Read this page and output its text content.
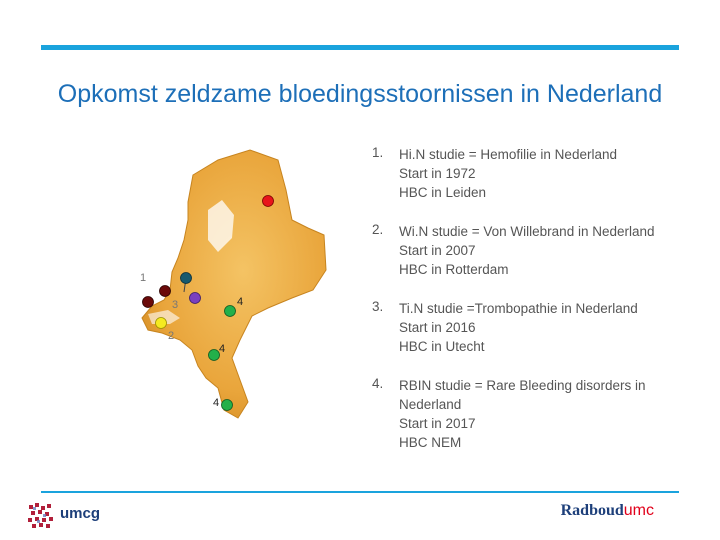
Opkomst zeldzame bloedingsstoornissen in Nederland
1
3
2
4
4
4
1.	Hi.N studie = Hemofilie in Nederland
Start in 1972
HBC in Leiden
2.	Wi.N studie = Von Willebrand in Nederland
Start in 2007
HBC in Rotterdam
3.	Ti.N studie =Trombopathie in Nederland
Start in 2016
HBC in Utecht
4.	RBIN studie = Rare Bleeding disorders in
Nederland
Start in 2017
HBC NEM
umcg	Radboudumc
